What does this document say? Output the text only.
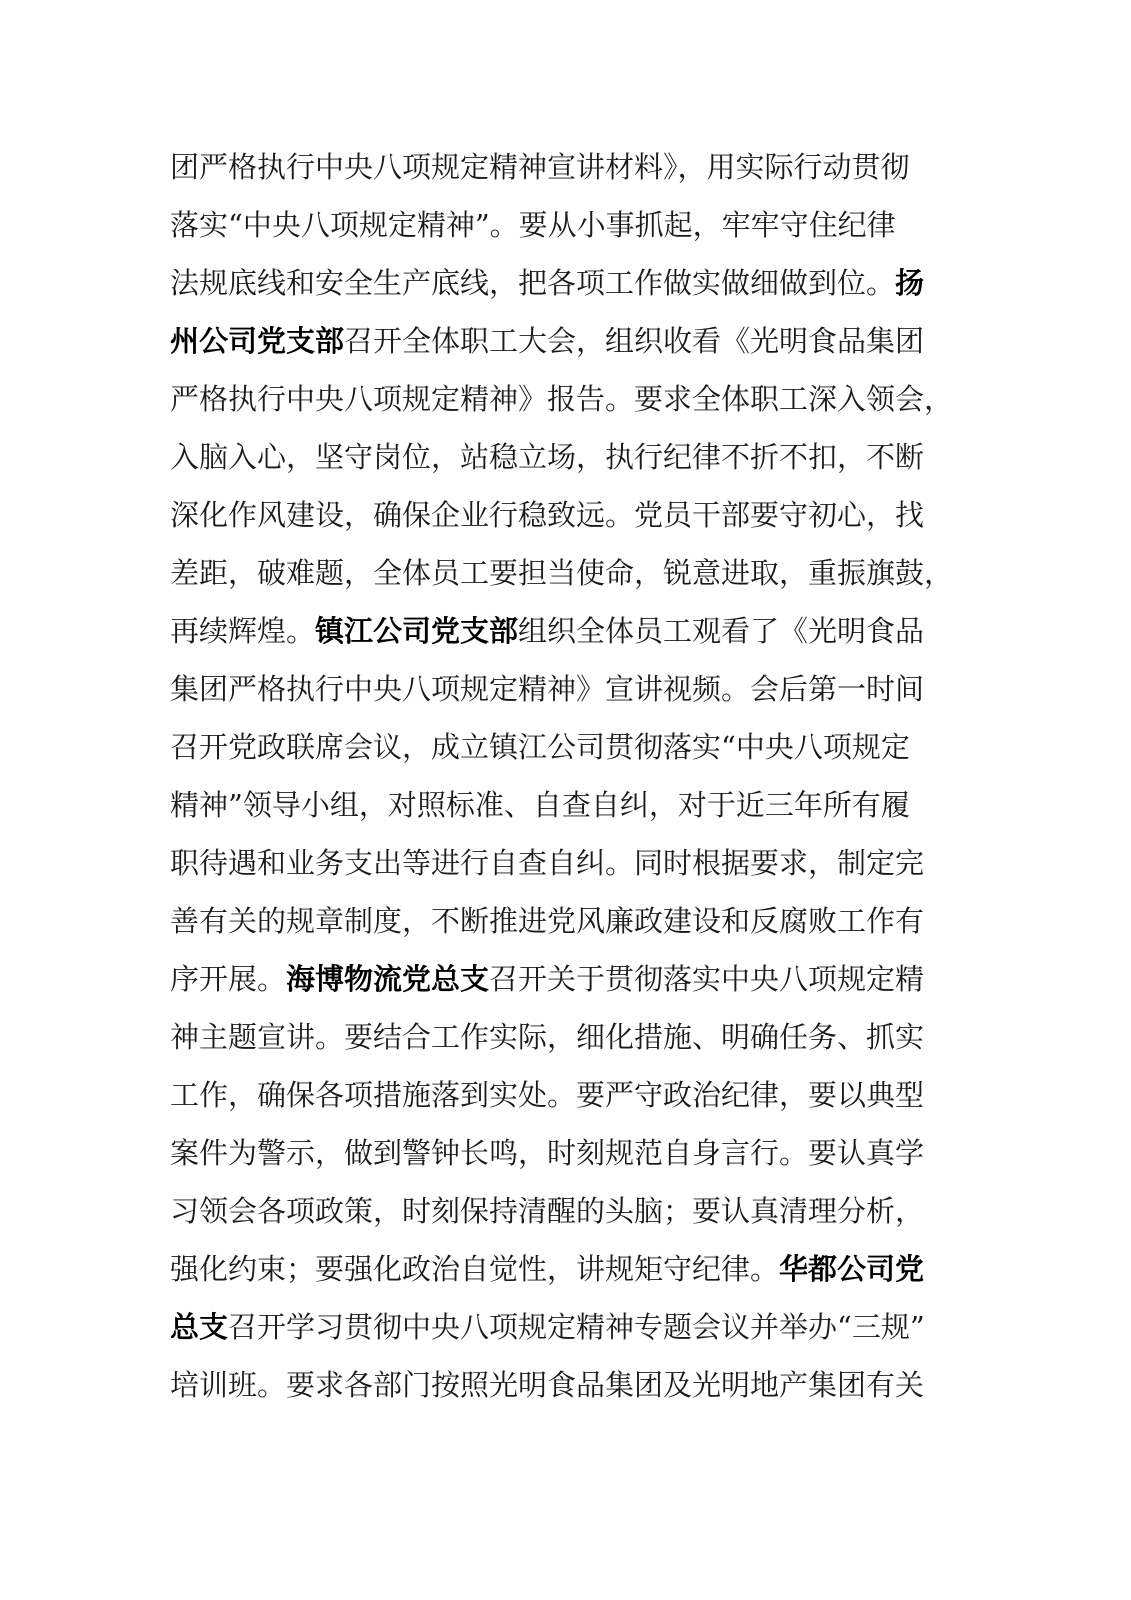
团严格执行中央八项规定精神宣讲材料》，用实际行动贯彻
落实“中央八项规定精神”。要从小事抓起，牢牢守住纪律
法规底线和安全生产底线，把各项工作做实做细做到位。扬
州公司党支部召开全体职工大会，组织收看《光明食品集团
严格执行中央八项规定精神》报告。要求全体职工深入领会，
入脑入心，坚守岗位，站稳立场，执行纪律不折不扣，不断
深化作风建设，确保企业行稳致远。党员干部要守初心，找
差距，破难题，全体员工要担当使命，锐意进取，重振旗鼓，
再续辉煌。镇江公司党支部组织全体员工观看了《光明食品
集团严格执行中央八项规定精神》宣讲视频。会后第一时间
召开党政联席会议，成立镇江公司贯彻落实“中央八项规定
精神”领导小组，对照标准、自查自纠，对于近三年所有履
职待遇和业务支出等进行自查自纠。同时根据要求，制定完
善有关的规章制度，不断推进党风廉政建设和反腐败工作有
序开展。海博物流党总支召开关于贯彻落实中央八项规定精
神主题宣讲。要结合工作实际，细化措施、明确任务、抓实
工作，确保各项措施落到实处。要严守政治纪律，要以典型
案件为警示，做到警钟长鸣，时刻规范自身言行。要认真学
习领会各项政策，时刻保持清醒的头脑；要认真清理分析，
强化约束；要强化政治自觉性，讲规矩守纪律。华都公司党
总支召开学习贯彻中央八项规定精神专题会议并举办“三规”
培训班。要求各部门按照光明食品集团及光明地产集团有关
